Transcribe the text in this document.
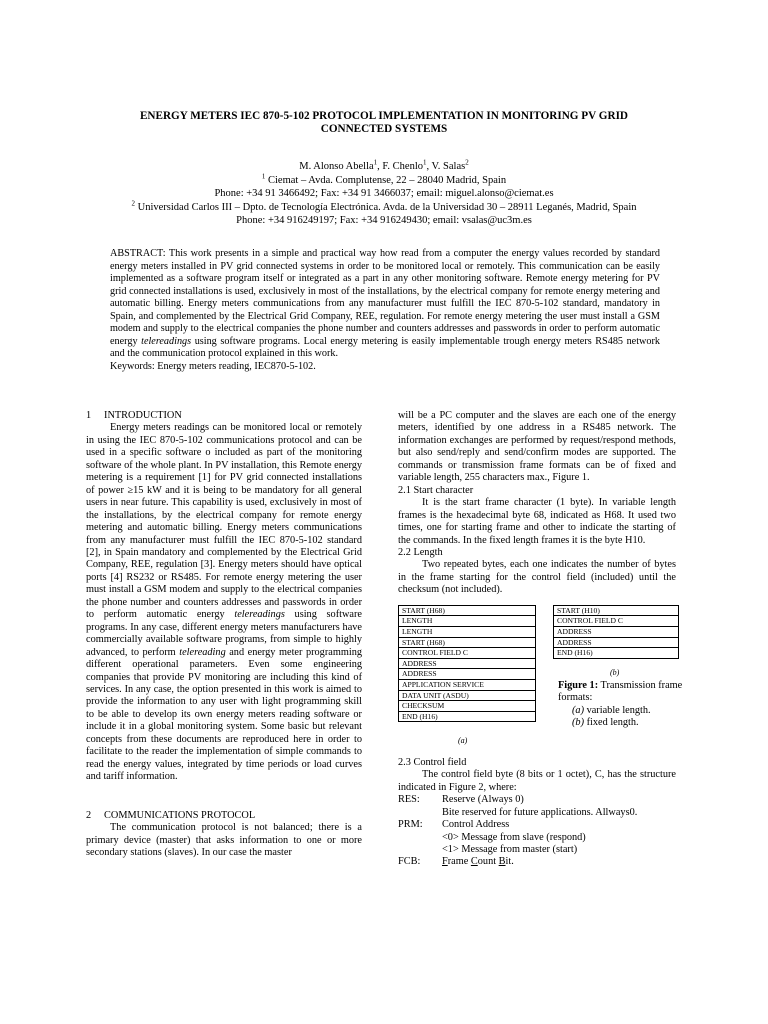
ENERGY METERS IEC 870-5-102 PROTOCOL IMPLEMENTATION IN MONITORING PV GRID
CONNECTED SYSTEMS
M. Alonso Abella$^1$, F. Chenlo$^1$, V. Salas$^2$
$^1$ Ciemat – Avda. Complutense, 22 – 28040 Madrid, Spain
Phone: +34 91 3466492; Fax: +34 91 3466037; email: miguel.alonso@ciemat.es
$^2$ Universidad Carlos III – Dpto. de Tecnología Electrónica. Avda. de la Universidad 30 – 28911 Leganés, Madrid, Spain
Phone: +34 916249197; Fax: +34 916249430; email: vsalas@uc3m.es

ABSTRACT: This work presents in a simple and practical way how read from a computer the energy values recorded by standard energy meters installed in PV grid connected systems in order to be monitored local or remotely. This communication can be easily implemented as a software program itself or integrated as a part in any other monitoring software. Remote energy metering for PV grid connected installations is used, exclusively in most of the installations, by the electrical company for remote energy metering and automatic billing. Energy meters communications from any manufacturer must fulfill the IEC 870-5-102 standard, mandatory in Spain, and complemented by the Electrical Grid Company, REE, regulation. For remote energy metering the user must install a GSM modem and supply to the electrical companies the phone number and counters addresses and passwords in order to perform automatic energy telereadings using software programs. Local energy metering is easily implementable trough energy meters RS485 network and the communication protocol explained in this work.

Keywords: Energy meters reading, IEC870-5-102.

1     INTRODUCTION

Energy meters readings can be monitored local or remotely in using the IEC 870-5-102 communications protocol and can be used in a specific software o included as part of the monitoring software of the whole plant. In PV installation, this Remote energy metering is a requirement [1] for PV grid connected installations of power ≥15 kW and it is being to be mandatory for all general users in near future. This capability is used, exclusively in most of the installations, by the electrical company for remote energy metering and automatic billing. Energy meters communications from any manufacturer must fulfill the IEC 870-5-102 standard [2], in Spain mandatory and complemented by the Electrical Grid Company, REE, regulation [3]. Energy meters should have optical ports [4] RS232 or RS485. For remote energy metering the user must install a GSM modem and supply to the electrical companies the phone number and counters addresses and passwords in order to perform automatic energy telereadings using software programs. In any case, different energy meters manufacturers have commercially available software programs, from simple to highly advanced, to perform telereading and energy meter programming different operational parameters. Even some engineering companies that provide PV monitoring are including this kind of services. In any case, the option presented in this work is aimed to provide the information to any user with light programming skill to be able to develop its own energy meters reading software or include it in a global monitoring system. Some basic but relevant concepts from these documents are reproduced here in order to facilitate to the reader the implementation of simple commands to read the energy values, integrated by time periods or load curves and tariff information.

2     COMMUNICATIONS PROTOCOL

The communication protocol is not balanced; there is a primary device (master) that asks information to one or more secondary stations (slaves). In our case the master

will be a PC computer and the slaves are each one of the energy meters, identified by one address in a RS485 network. The information exchanges are performed by request/respond methods, but also send/reply and send/confirm modes are supported. The commands or transmission frame formats can be of fixed and variable length, 255 characters max., Figure 1.

2.1 Start character

It is the start frame character (1 byte). In variable length frames is the hexadecimal byte 68, indicated as H68. It used two times, one for starting frame and other to indicate the starting of the commands. In the fixed length frames it is the byte H10.

2.2 Length

Two repeated bytes, each one indicates the number of bytes in the frame starting for the control field (included) until the checksum (not included).

START (H68)
LENGTH
LENGTH
START (H68)
CONTROL FIELD C
ADDRESS
ADDRESS
APPLICATION SERVICE
DATA UNIT (ASDU)
CHECKSUM
END (H16)
(a)
START (H10)
CONTROL FIELD C
ADDRESS
ADDRESS
END (H16)
(b)
Figure 1: Transmission frame formats:
(a) variable length.
(b) fixed length.

2.3 Control field

The control field byte (8 bits or 1 octet), C, has the structure indicated in Figure 2, where:

RES:	Reserve (Always 0)
Bite reserved for future applications. Allways0.
PRM:	Control Address
<0> Message from slave (respond)
<1> Message from master (start)
FCB:	Frame Count Bit.
